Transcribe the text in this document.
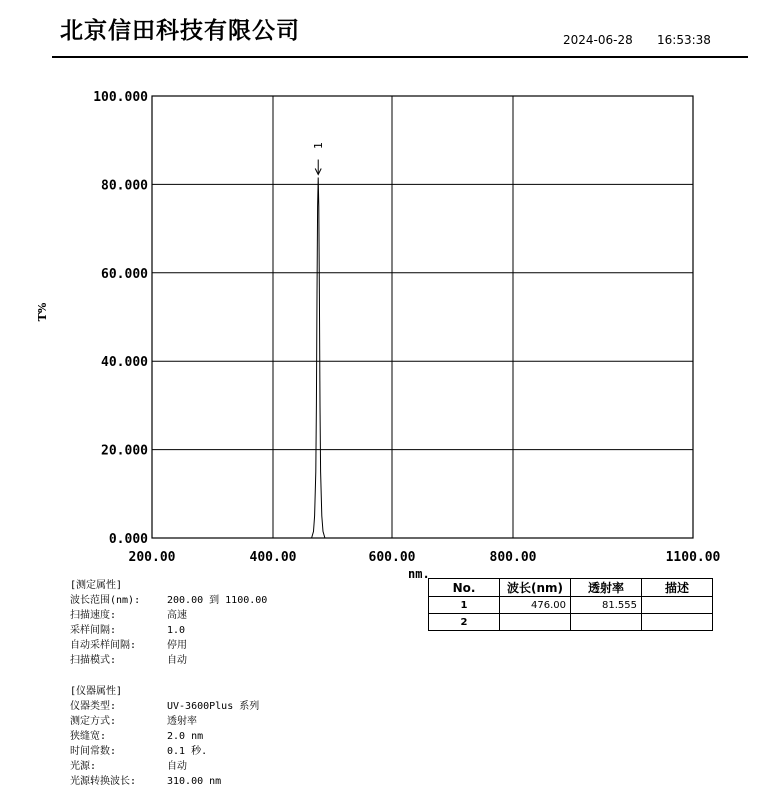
北京信田科技有限公司	2024-06-28 16:53:38
100.000
80.000
60.000
40.000
20.000
0.000
200.00	400.00	600.00	800.00	1100.00
T%
nm.
1
[测定属性]
波长范围(nm):	200.00 到 1100.00
扫描速度:	高速
采样间隔:	1.0
自动采样间隔:	停用
扫描模式:	自动
[仪器属性]
仪器类型:	UV-3600Plus 系列
测定方式:	透射率
狭缝宽:	2.0 nm
时间常数:	0.1 秒.
光源:	自动
光源转换波长:	310.00 nm
No.	波长(nm)	透射率	描述
1	476.00	81.555	
2			
